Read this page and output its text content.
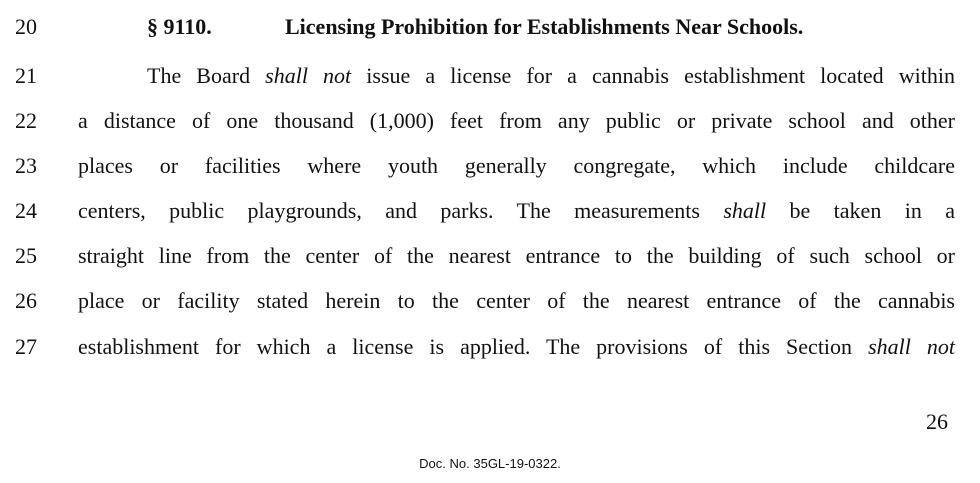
20	§ 9110.	Licensing Prohibition for Establishments Near Schools.
21	The Board shall not issue a license for a cannabis establishment located within
22	a distance of one thousand (1,000) feet from any public or private school and other
23	places or facilities where youth generally congregate, which include childcare
24	centers, public playgrounds, and parks. The measurements shall be taken in a
25	straight line from the center of the nearest entrance to the building of such school or
26	place or facility stated herein to the center of the nearest entrance of the cannabis
27	establishment for which a license is applied. The provisions of this Section shall not
26
Doc. No. 35GL-19-0322.
